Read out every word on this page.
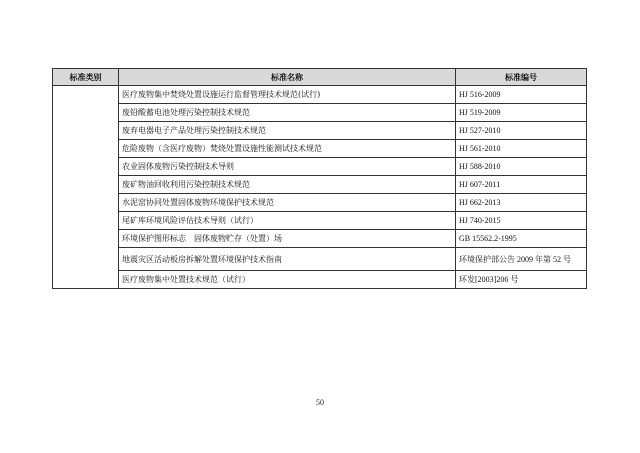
标准类别	标准名称	标准编号
	医疗废物集中焚烧处置设施运行监督管理技术规范(试行)	HJ 516-2009
	废铅酸蓄电池处理污染控制技术规范	HJ 519-2009
	废弃电器电子产品处理污染控制技术规范	HJ 527-2010
	危险废物（含医疗废物）焚烧处置设施性能测试技术规范	HJ 561-2010
	农业固体废物污染控制技术导则	HJ 588-2010
	废矿物油回收利用污染控制技术规范	HJ 607-2011
	水泥窑协同处置固体废物环境保护技术规范	HJ 662-2013
	尾矿库环境风险评估技术导则（试行）	HJ 740-2015
	环境保护图形标志　固体废物贮存（处置）场	GB 15562.2-1995
	地震灾区活动板房拆解处置环境保护技术指南	环境保护部公告 2009 年第 52 号
	医疗废物集中处置技术规范（试行）	环发[2003]206 号
50
